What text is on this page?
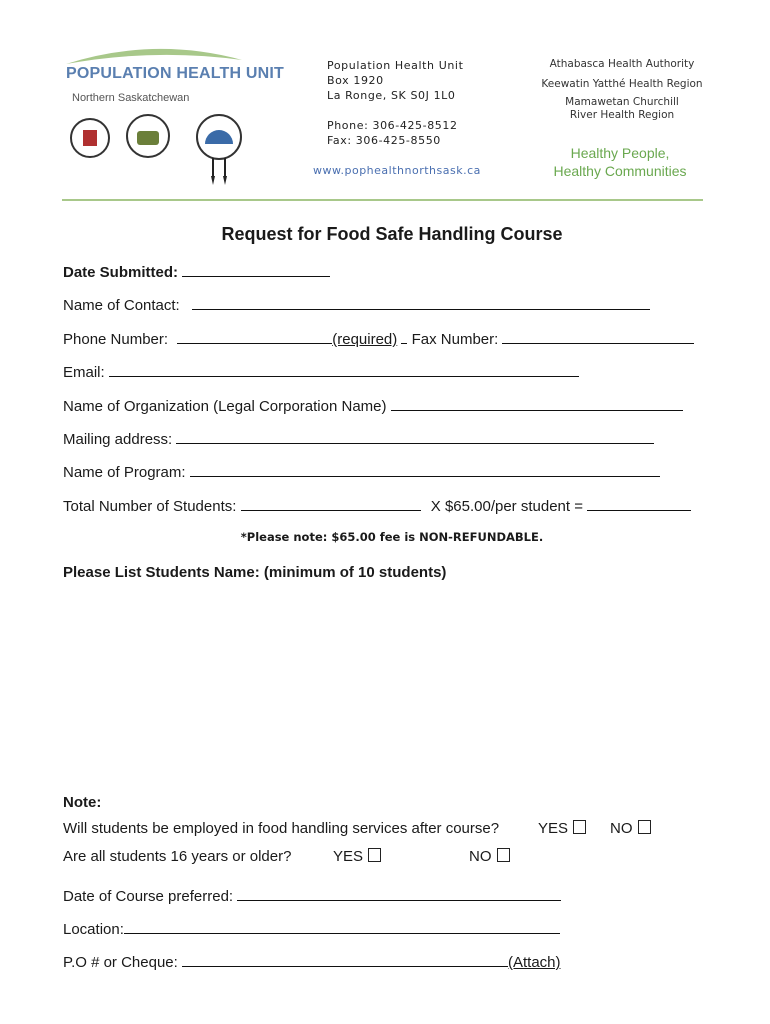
POPULATION HEALTH UNIT
Northern Saskatchewan
Population Health Unit
Box 1920
La Ronge, SK S0J 1L0
Phone: 306-425-8512
Fax: 306-425-8550
www.pophealthnorthsask.ca
Athabasca Health Authority
Keewatin Yatthé Health Region
Mamawetan Churchill River Health Region
Healthy People,
Healthy Communities
Request for Food Safe Handling Course
Date Submitted:
Name of Contact:
Phone Number:	(required) Fax Number:
Email:
Name of Organization (Legal Corporation Name)
Mailing address:
Name of Program:
Total Number of Students:	X $65.00/per student =
*Please note: $65.00 fee is NON-REFUNDABLE.
Please List Students Name: (minimum of 10 students)
Note:
Will students be employed in food handling services after course?	YES	NO
Are all students 16 years or older?	YES	NO
Date of Course preferred:
Location:
P.O # or Cheque:	(Attach)
